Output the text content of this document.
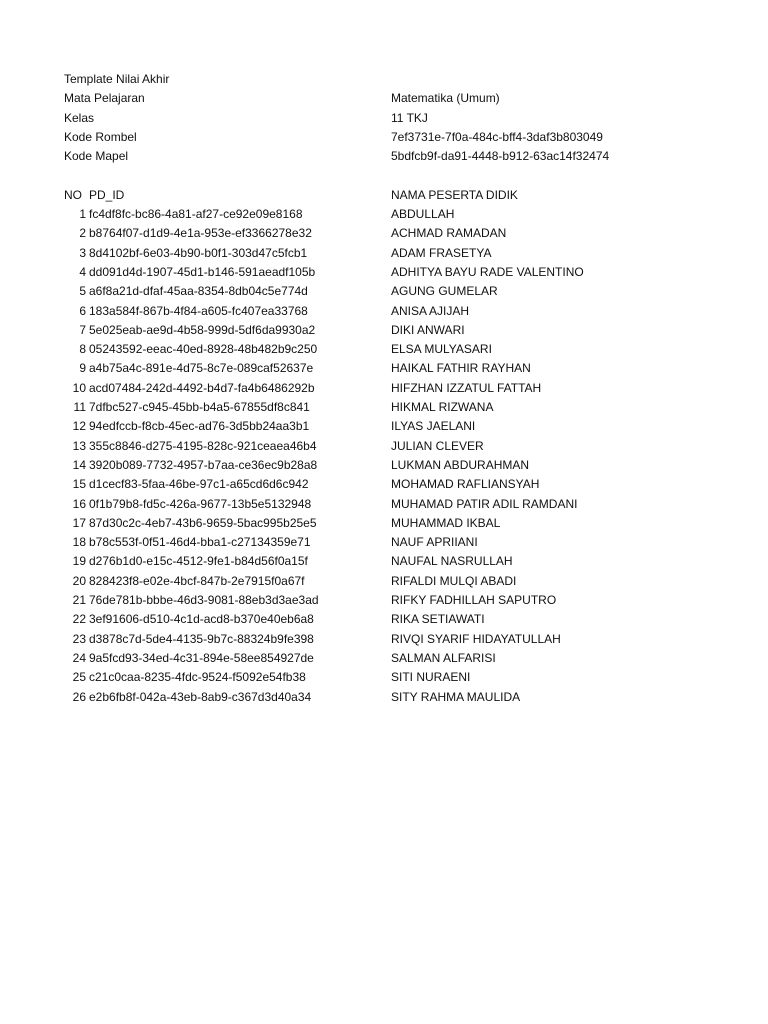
Template Nilai Akhir
Mata Pelajaran	Matematika (Umum)
Kelas	11 TKJ
Kode Rombel	7ef3731e-7f0a-484c-bff4-3daf3b803049
Kode Mapel	5bdfcb9f-da91-4448-b912-63ac14f32474
NO PD_ID	NAMA PESERTA DIDIK
1 fc4df8fc-bc86-4a81-af27-ce92e09e8168	ABDULLAH
2 b8764f07-d1d9-4e1a-953e-ef3366278e32	ACHMAD RAMADAN
3 8d4102bf-6e03-4b90-b0f1-303d47c5fcb1	ADAM FRASETYA
4 dd091d4d-1907-45d1-b146-591aeadf105b	ADHITYA BAYU RADE VALENTINO
5 a6f8a21d-dfaf-45aa-8354-8db04c5e774d	AGUNG GUMELAR
6 183a584f-867b-4f84-a605-fc407ea33768	ANISA AJIJAH
7 5e025eab-ae9d-4b58-999d-5df6da9930a2	DIKI ANWARI
8 05243592-eeac-40ed-8928-48b482b9c250	ELSA MULYASARI
9 a4b75a4c-891e-4d75-8c7e-089caf52637e	HAIKAL FATHIR RAYHAN
10 acd07484-242d-4492-b4d7-fa4b6486292b	HIFZHAN IZZATUL FATTAH
11 7dfbc527-c945-45bb-b4a5-67855df8c841	HIKMAL RIZWANA
12 94edfccb-f8cb-45ec-ad76-3d5bb24aa3b1	ILYAS JAELANI
13 355c8846-d275-4195-828c-921ceaea46b4	JULIAN CLEVER
14 3920b089-7732-4957-b7aa-ce36ec9b28a8	LUKMAN ABDURAHMAN
15 d1cecf83-5faa-46be-97c1-a65cd6d6c942	MOHAMAD RAFLIANSYAH
16 0f1b79b8-fd5c-426a-9677-13b5e5132948	MUHAMAD PATIR ADIL RAMDANI
17 87d30c2c-4eb7-43b6-9659-5bac995b25e5	MUHAMMAD IKBAL
18 b78c553f-0f51-46d4-bba1-c27134359e71	NAUF APRIIANI
19 d276b1d0-e15c-4512-9fe1-b84d56f0a15f	NAUFAL NASRULLAH
20 828423f8-e02e-4bcf-847b-2e7915f0a67f	RIFALDI MULQI ABADI
21 76de781b-bbbe-46d3-9081-88eb3d3ae3ad	RIFKY FADHILLAH SAPUTRO
22 3ef91606-d510-4c1d-acd8-b370e40eb6a8	RIKA SETIAWATI
23 d3878c7d-5de4-4135-9b7c-88324b9fe398	RIVQI SYARIF HIDAYATULLAH
24 9a5fcd93-34ed-4c31-894e-58ee854927de	SALMAN ALFARISI
25 c21c0caa-8235-4fdc-9524-f5092e54fb38	SITI NURAENI
26 e2b6fb8f-042a-43eb-8ab9-c367d3d40a34	SITY RAHMA MAULIDA
